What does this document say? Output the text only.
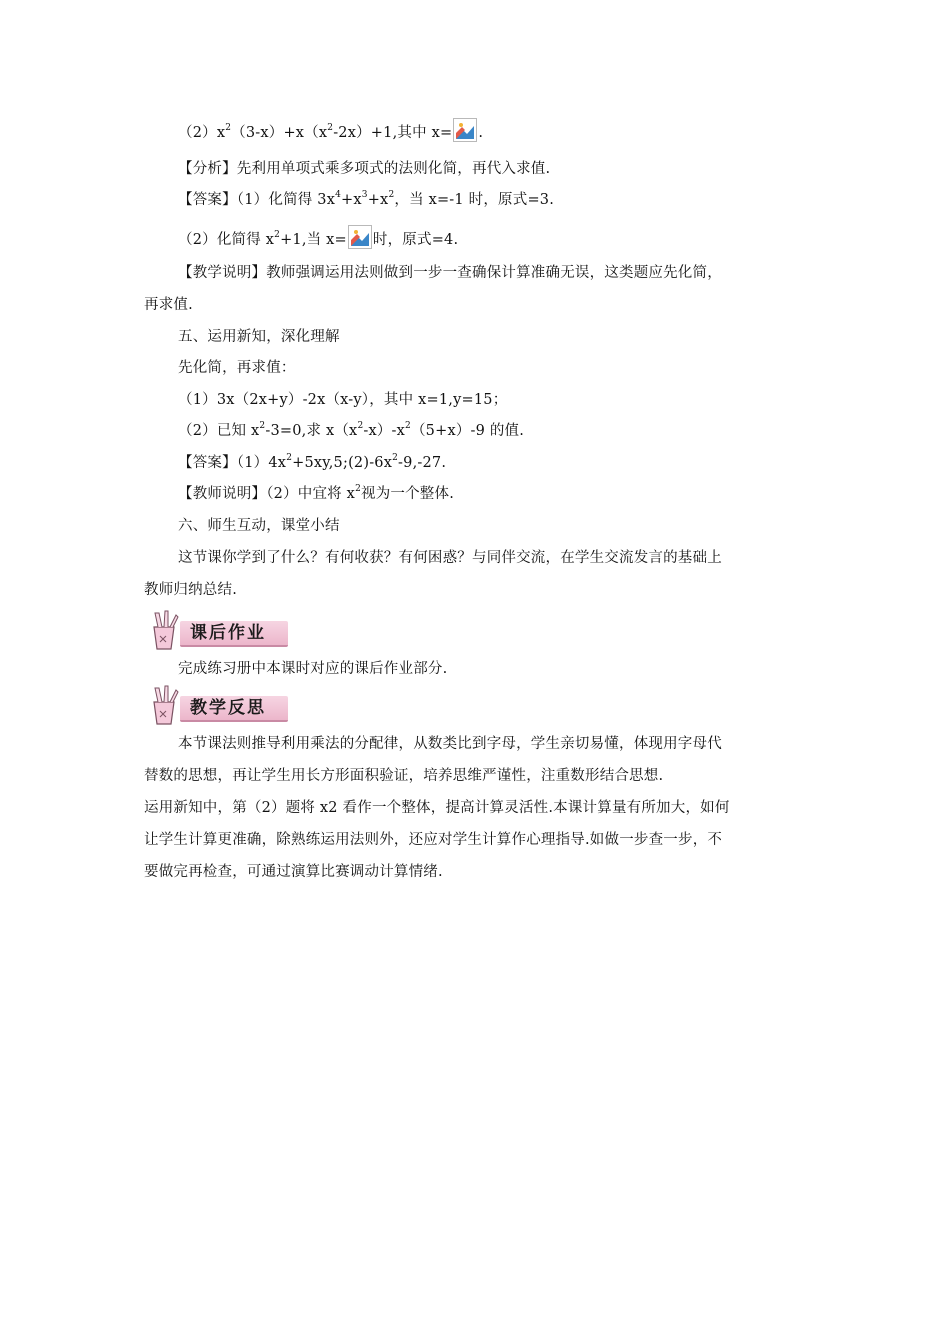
$(2)x^2(3-x)+x(x^2-2x)+1$,其中 x= .
【分析】先利用单项式乘多项式的法则化简，再代入求值.
【答案】（1）化简得 $3x^4+x^3+x^2$，当 x=-1 时，原式=3.
（2）化简得 $x^2+1$,当 x= 时，原式=4.
【教学说明】教师强调运用法则做到一步一查确保计算准确无误，这类题应先化简，
再求值.
五、运用新知，深化理解
先化简，再求值：
（1）3x（2x+y）-2x（x-y），其中 x=1,y=15；
（2）已知 $x^2-3=0$,求 $x(x^2-x)-x^2(5+x)-9$ 的值.
【答案】$(1)4x^2+5xy,5;(2)-6x^2-9,-27$.
【教师说明】（2）中宜将 $x^2$视为一个整体.
六、师生互动，课堂小结
这节课你学到了什么？有何收获？有何困惑？与同伴交流，在学生交流发言的基础上
教师归纳总结.
课后作业
完成练习册中本课时对应的课后作业部分.
教学反思
本节课法则推导利用乘法的分配律，从数类比到字母，学生亲切易懂，体现用字母代
替数的思想，再让学生用长方形面积验证，培养思维严谨性，注重数形结合思想.
运用新知中，第（2）题将 x2 看作一个整体，提高计算灵活性.本课计算量有所加大，如何
让学生计算更准确，除熟练运用法则外，还应对学生计算作心理指导.如做一步查一步，不
要做完再检查，可通过演算比赛调动计算情绪.
